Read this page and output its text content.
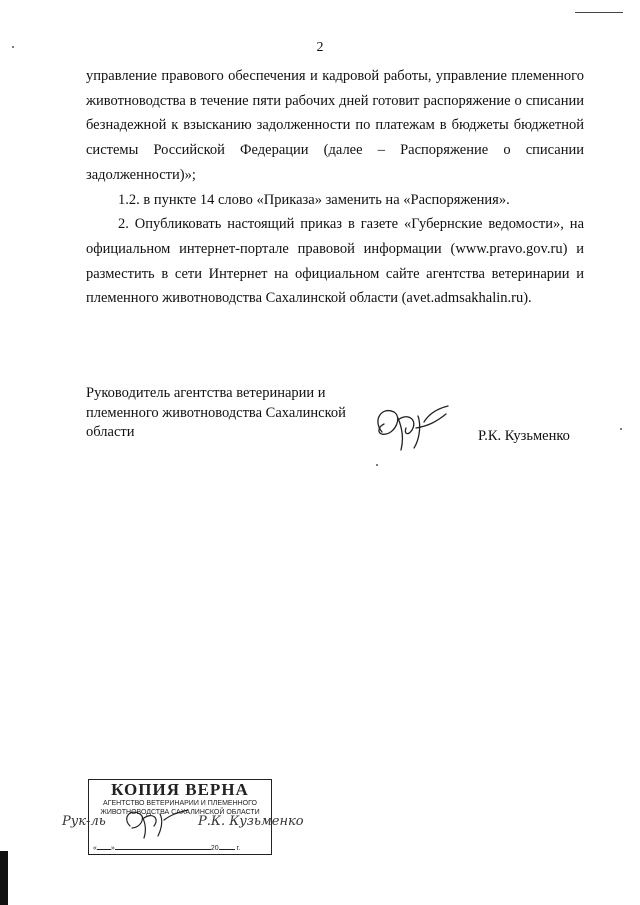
2

управление правового обеспечения и кадровой работы, управление племенного животноводства в течение пяти рабочих дней готовит распоряжение о списании безнадежной к взысканию задолженности по платежам в бюджеты бюджетной системы Российской Федерации (далее – Распоряжение о списании задолженности)»;

1.2. в пункте 14 слово «Приказа» заменить на «Распоряжения».

2. Опубликовать настоящий приказ в газете «Губернские ведомости», на официальном интернет-портале правовой информации (www.pravo.gov.ru) и разместить в сети Интернет на официальном сайте агентства ветеринарии и племенного животноводства Сахалинской области (avet.admsakhalin.ru).

Руководитель агентства ветеринарии и
племенного животноводства Сахалинской
области	Р.К. Кузьменко
КОПИЯ ВЕРНА
АГЕНТСТВО ВЕТЕРИНАРИИ И ПЛЕМЕННОГО
ЖИВОТНОВОДСТВА САХАЛИНСКОЙ ОБЛАСТИ
« »	20	г.
Рук-ль	Р.К. Кузьменко
